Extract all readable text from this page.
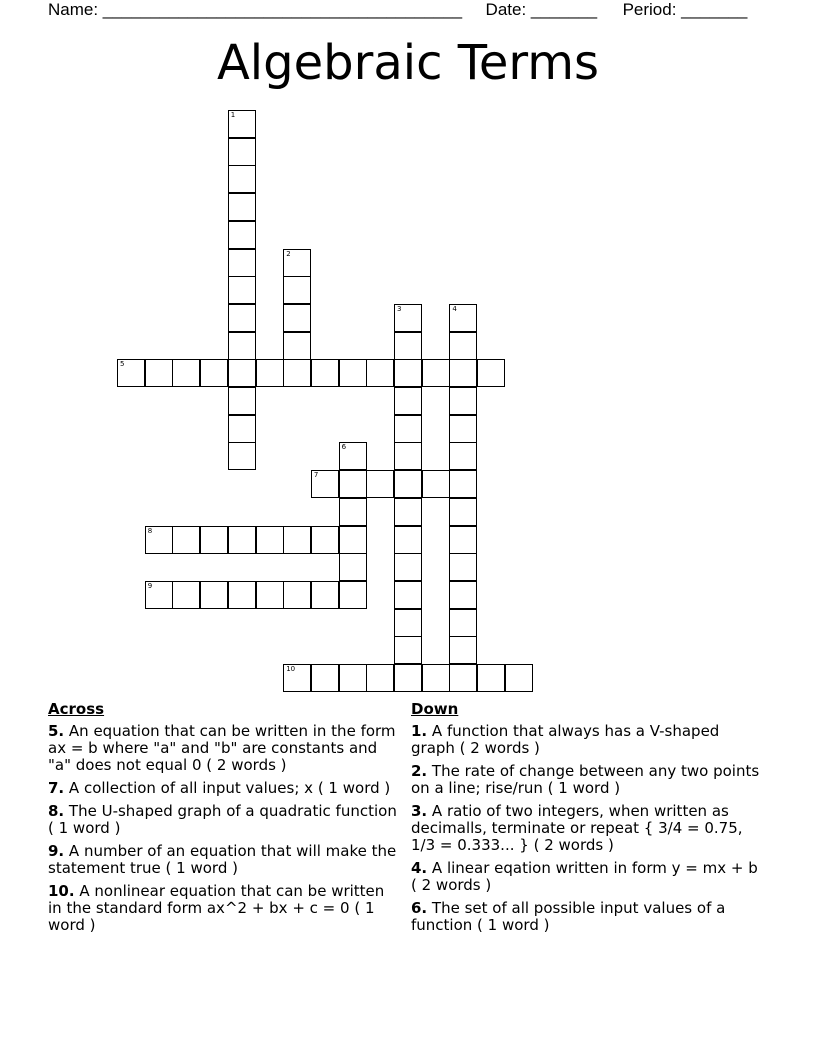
Name: ______________________________________ Date: _______ Period: _______
Algebraic Terms
1
2
3	4
5
6
7
8
9
10
Across
5. An equation that can be written in the form ax = b where "a" and "b" are constants and "a" does not equal 0 ( 2 words )
7. A collection of all input values; x ( 1 word )
8. The U-shaped graph of a quadratic function ( 1 word )
9. A number of an equation that will make the statement true ( 1 word )
10. A nonlinear equation that can be written in the standard form ax^2 + bx + c = 0 ( 1 word )
Down
1. A function that always has a V-shaped graph ( 2 words )
2. The rate of change between any two points on a line; rise/run ( 1 word )
3. A ratio of two integers, when written as decimalls, terminate or repeat { 3/4 = 0.75, 1/3 = 0.333... } ( 2 words )
4. A linear eqation written in form y = mx + b ( 2 words )
6. The set of all possible input values of a function ( 1 word )
